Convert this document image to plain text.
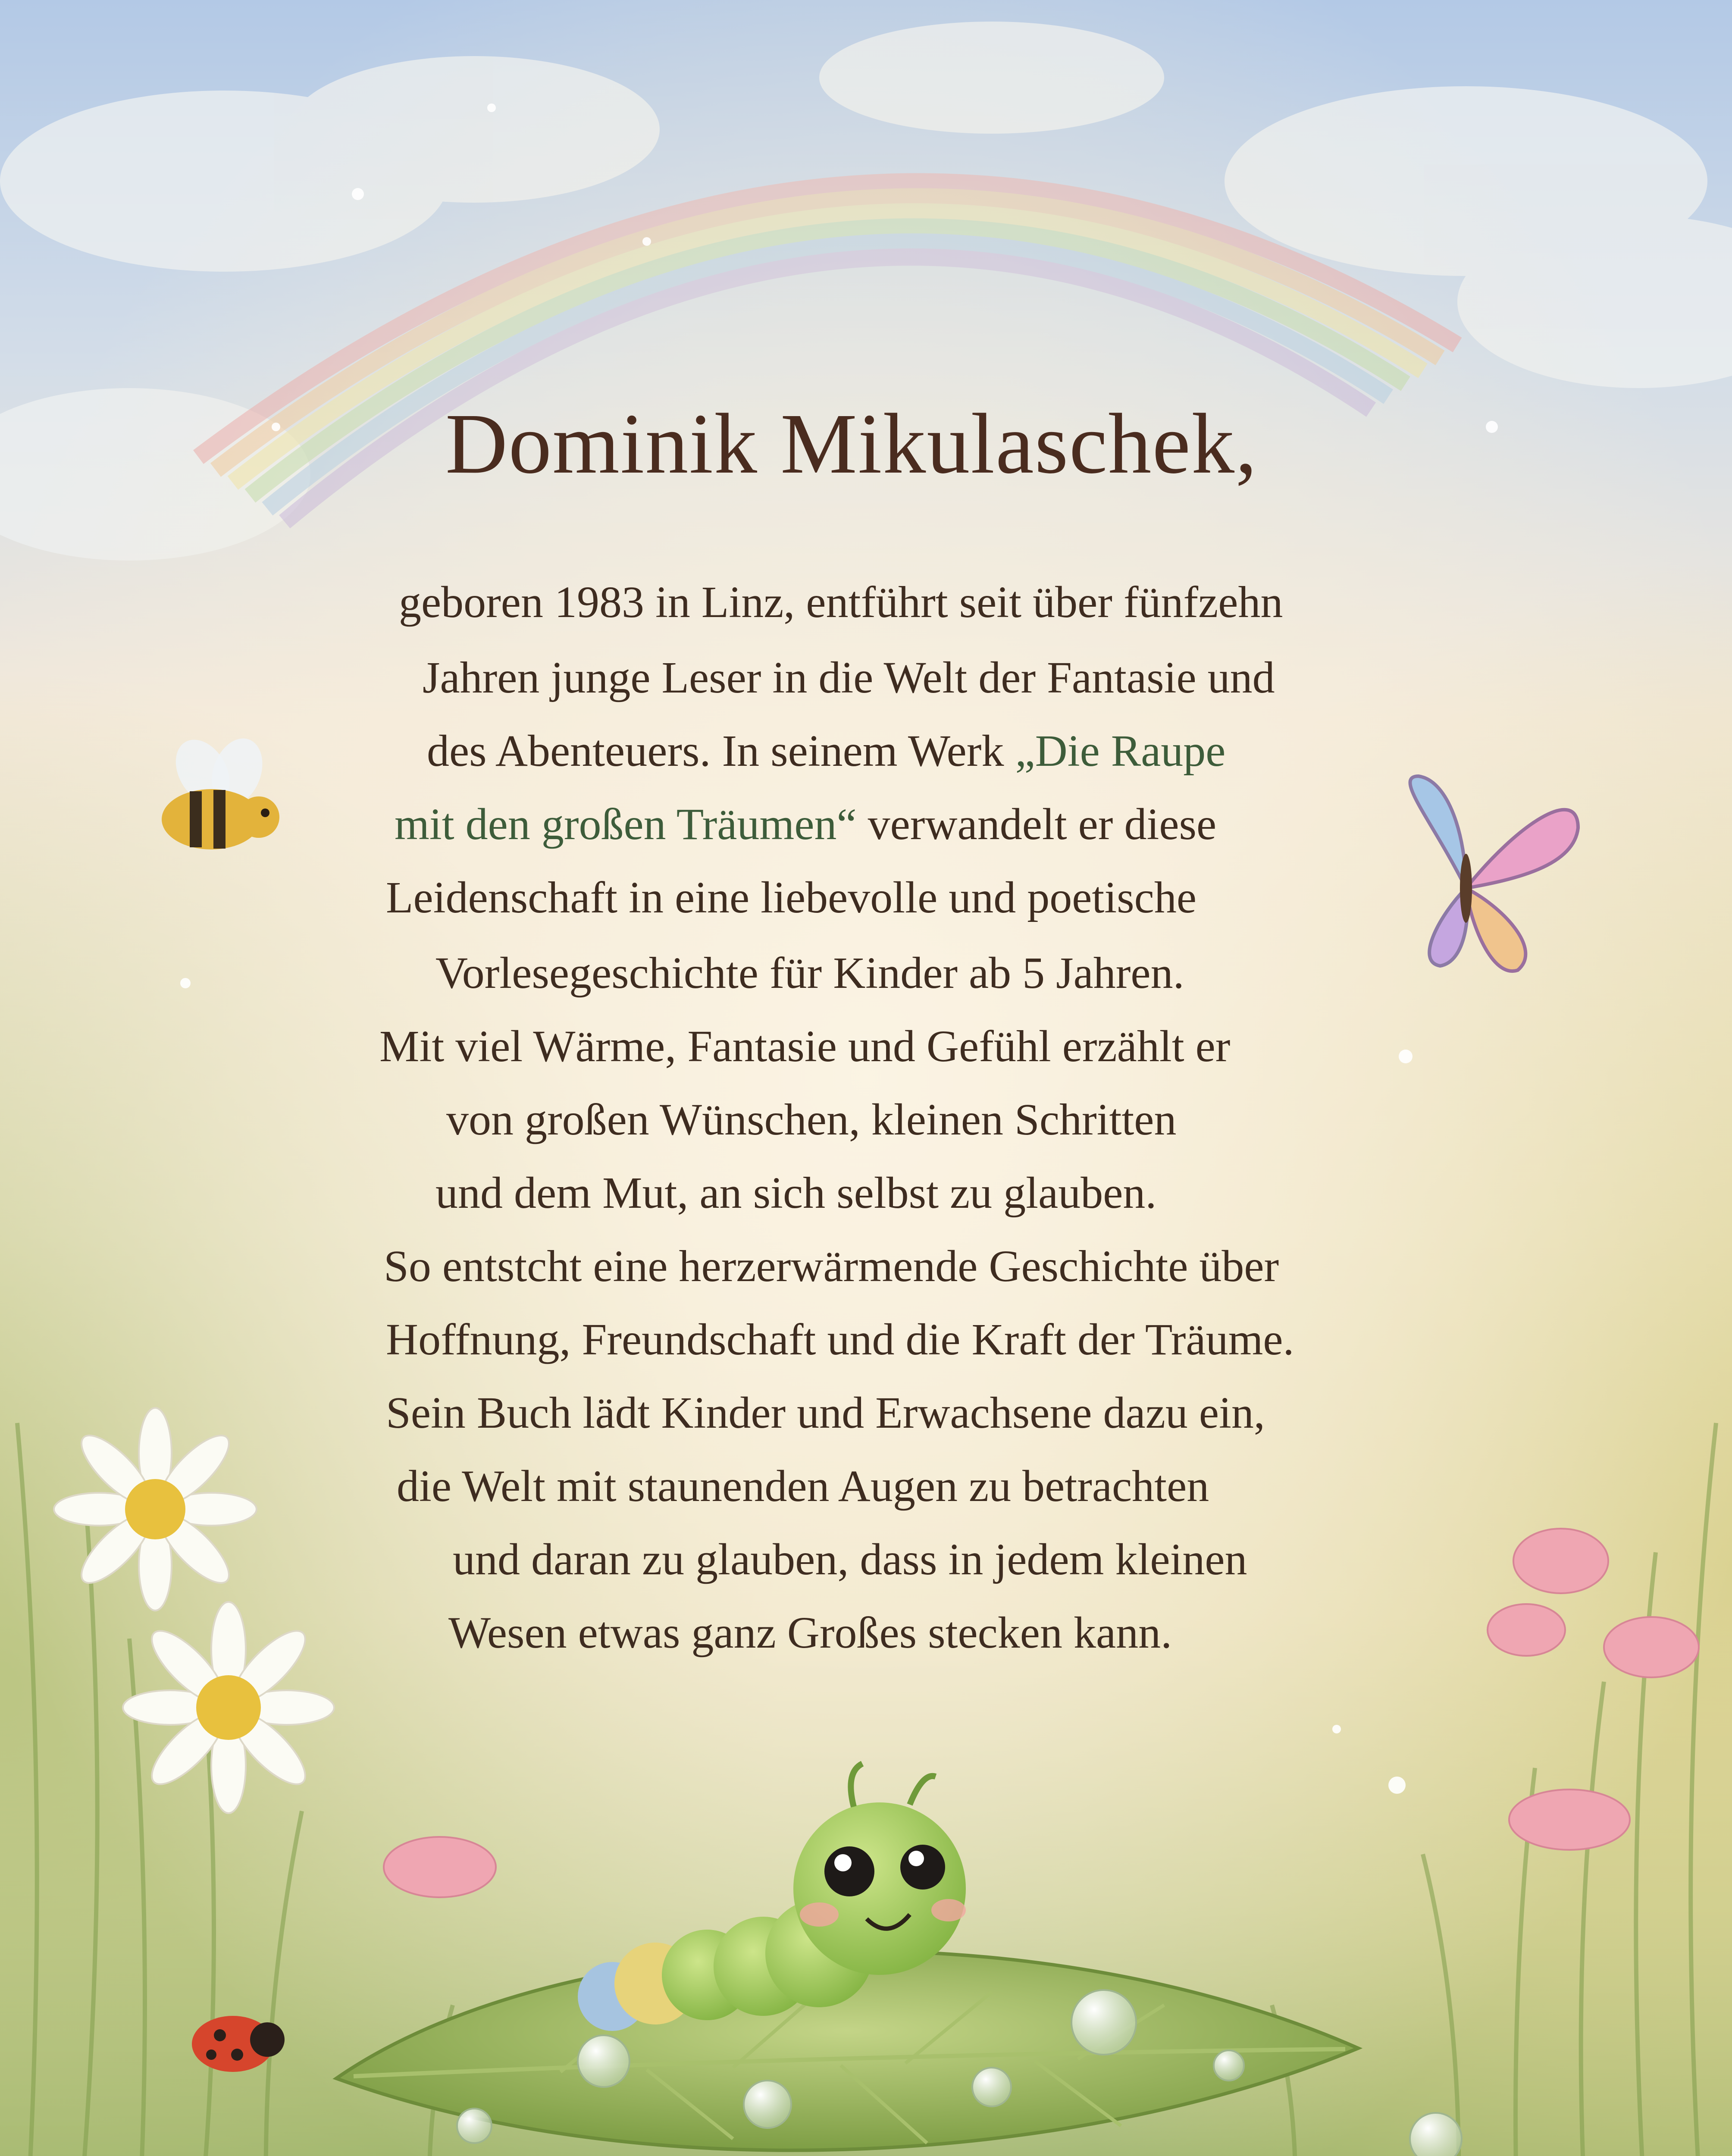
Dominik Mikulaschek,
geboren 1983 in Linz, entführt seit über fünfzehn
Jahren junge Leser in die Welt der Fantasie und
des Abenteuers. In seinem Werk „Die Raupe
mit den großen Träumen“ verwandelt er diese
Leidenschaft in eine liebevolle und poetische
Vorlesegeschichte für Kinder ab 5 Jahren.
Mit viel Wärme, Fantasie und Gefühl erzählt er
von großen Wünschen, kleinen Schritten
und dem Mut, an sich selbst zu glauben.
So entstcht eine herzerwärmende Geschichte über
Hoffnung, Freundschaft und die Kraft der Träume.
Sein Buch lädt Kinder und Erwachsene dazu ein,
die Welt mit staunenden Augen zu betrachten
und daran zu glauben, dass in jedem kleinen
Wesen etwas ganz Großes stecken kann.
